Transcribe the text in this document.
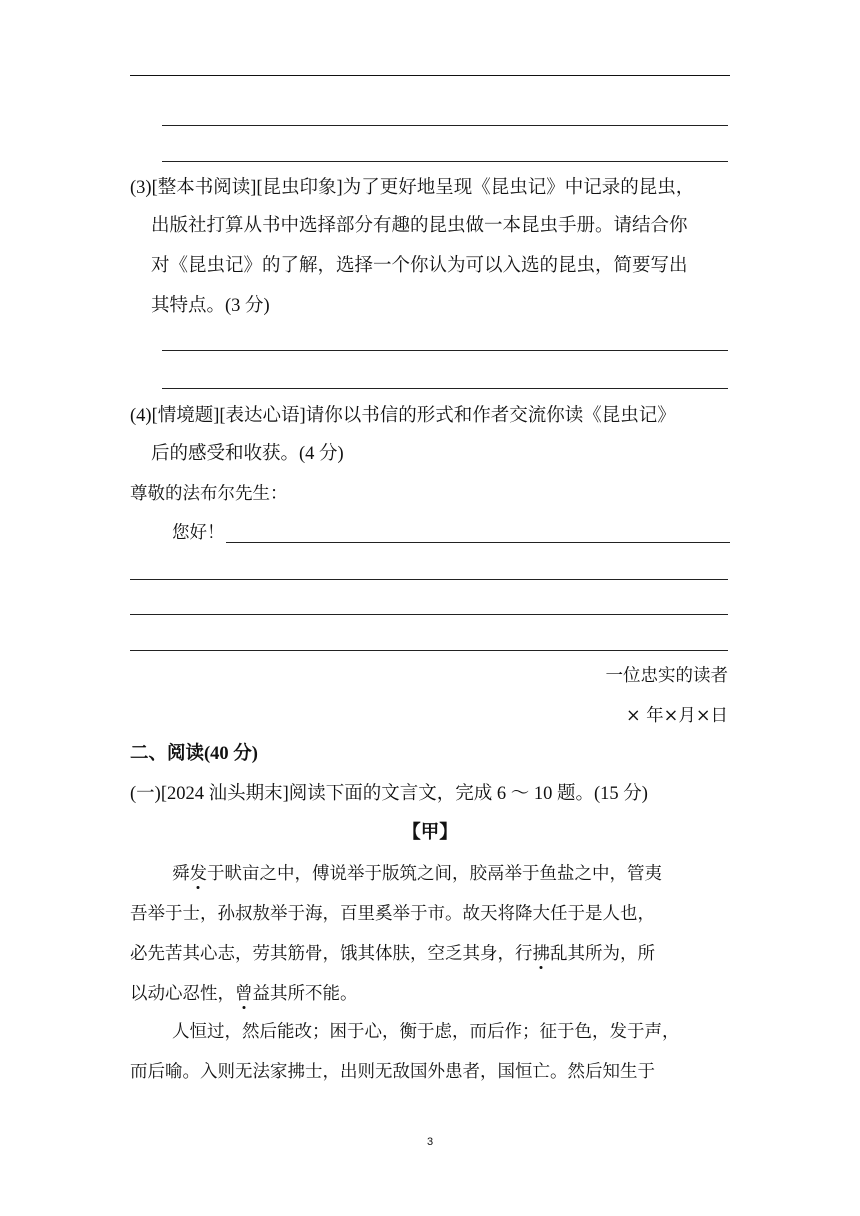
(3)[整本书阅读][昆虫印象]为了更好地呈现《昆虫记》中记录的昆虫，
出版社打算从书中选择部分有趣的昆虫做一本昆虫手册。请结合你
对《昆虫记》的了解，选择一个你认为可以入选的昆虫，简要写出
其特点。(3 分)
(4)[情境题][表达心语]请你以书信的形式和作者交流你读《昆虫记》
后的感受和收获。(4 分)
尊敬的法布尔先生：
您好！
一位忠实的读者
× 年×月×日
二、阅读(40 分)
(一)[2024 汕头期末]阅读下面的文言文，完成 6 ～ 10 题。(15 分)
【甲】
舜发于畎亩之中，傅说举于版筑之间，胶鬲举于鱼盐之中，管夷
吾举于士，孙叔敖举于海，百里奚举于市。故天将降大任于是人也，
必先苦其心志，劳其筋骨，饿其体肤，空乏其身，行拂乱其所为，所
以动心忍性，曾益其所不能。
人恒过，然后能改；困于心，衡于虑，而后作；征于色，发于声，
而后喻。入则无法家拂士，出则无敌国外患者，国恒亡。然后知生于
3
